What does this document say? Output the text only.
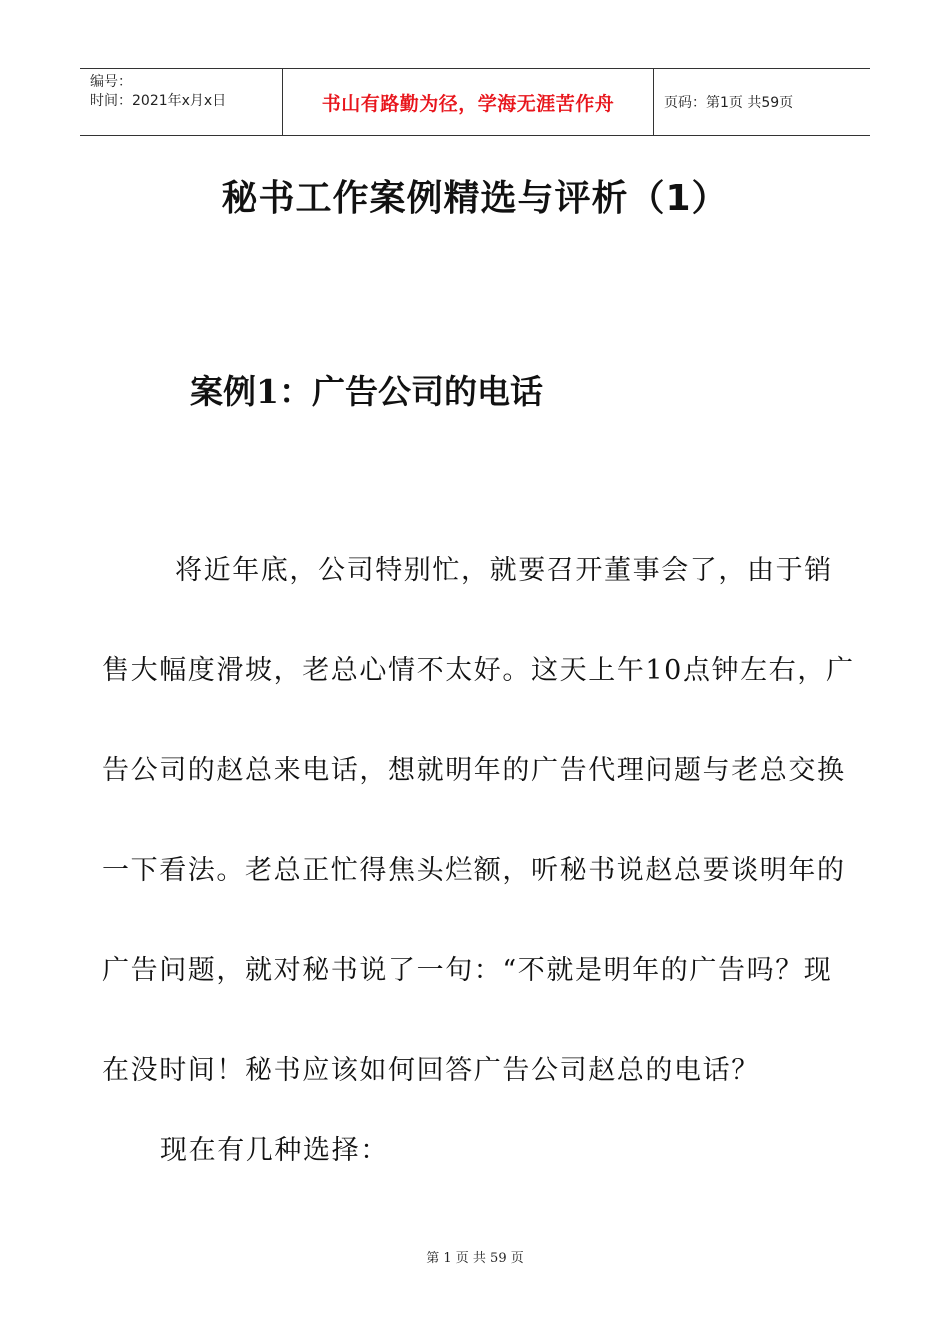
编号：
时间：2021年x月x日	书山有路勤为径，学海无涯苦作舟	页码：第1页 共59页
秘书工作案例精选与评析（1）
案例1：广告公司的电话

将近年底，公司特别忙，就要召开董事会了，由于销

售大幅度滑坡，老总心情不太好。这天上午10点钟左右，广

告公司的赵总来电话，想就明年的广告代理问题与老总交换

一下看法。老总正忙得焦头烂额，听秘书说赵总要谈明年的

广告问题，就对秘书说了一句：“不就是明年的广告吗？现

在没时间！秘书应该如何回答广告公司赵总的电话？

现在有几种选择：

第 1 页 共 59 页
